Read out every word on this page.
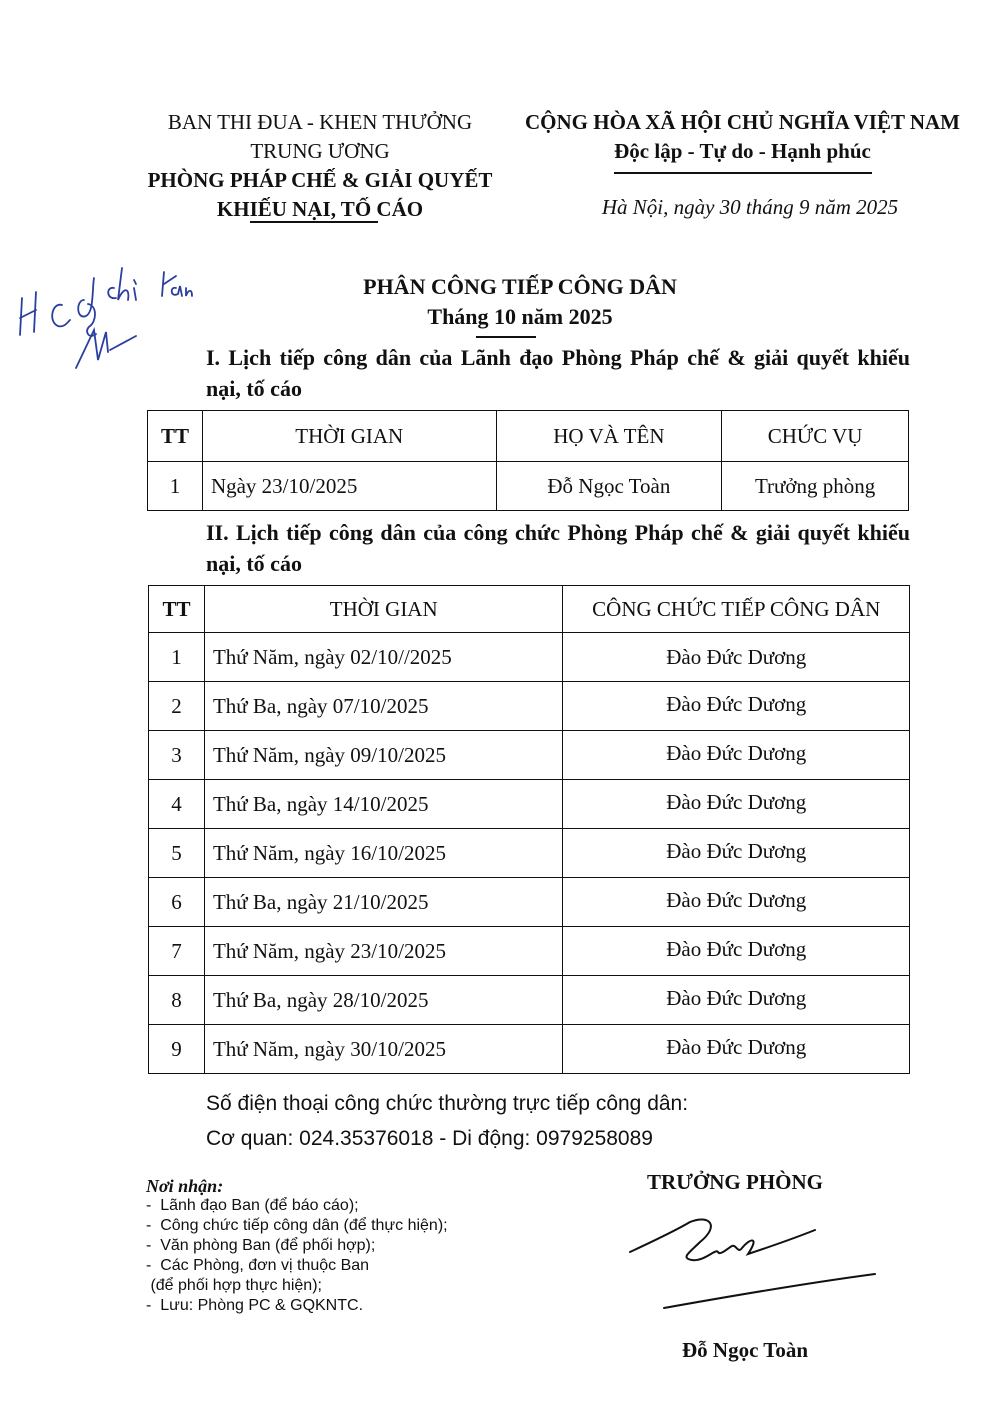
BAN THI ĐUA - KHEN THƯỞNG
TRUNG ƯƠNG
PHÒNG PHÁP CHẾ & GIẢI QUYẾT
KHIẾU NẠI, TỐ CÁO
CỘNG HÒA XÃ HỘI CHỦ NGHĨA VIỆT NAM
Độc lập - Tự do - Hạnh phúc
Hà Nội, ngày 30 tháng 9 năm 2025
PHÂN CÔNG TIẾP CÔNG DÂN
Tháng 10 năm 2025
I. Lịch tiếp công dân của Lãnh đạo Phòng Pháp chế & giải quyết khiếu nại, tố cáo
TT	THỜI GIAN	HỌ VÀ TÊN	CHỨC VỤ
1	Ngày 23/10/2025	Đỗ Ngọc Toàn	Trưởng phòng
II. Lịch tiếp công dân của công chức Phòng Pháp chế & giải quyết khiếu nại, tố cáo
TT	THỜI GIAN	CÔNG CHỨC TIẾP CÔNG DÂN
1	Thứ Năm, ngày 02/10//2025	Đào Đức Dương
2	Thứ Ba, ngày 07/10/2025	Đào Đức Dương
3	Thứ Năm, ngày 09/10/2025	Đào Đức Dương
4	Thứ Ba, ngày 14/10/2025	Đào Đức Dương
5	Thứ Năm, ngày 16/10/2025	Đào Đức Dương
6	Thứ Ba, ngày 21/10/2025	Đào Đức Dương
7	Thứ Năm, ngày 23/10/2025	Đào Đức Dương
8	Thứ Ba, ngày 28/10/2025	Đào Đức Dương
9	Thứ Năm, ngày 30/10/2025	Đào Đức Dương
Số điện thoại công chức thường trực tiếp công dân:
Cơ quan: 024.35376018 - Di động: 0979258089
Nơi nhận:
-  Lãnh đạo Ban (để báo cáo);
-  Công chức tiếp công dân (để thực hiện);
-  Văn phòng Ban (để phối hợp);
-  Các Phòng, đơn vị thuộc Ban
(để phối hợp thực hiện);
-  Lưu: Phòng PC & GQKNTC.
TRƯỞNG PHÒNG
Đỗ Ngọc Toàn
